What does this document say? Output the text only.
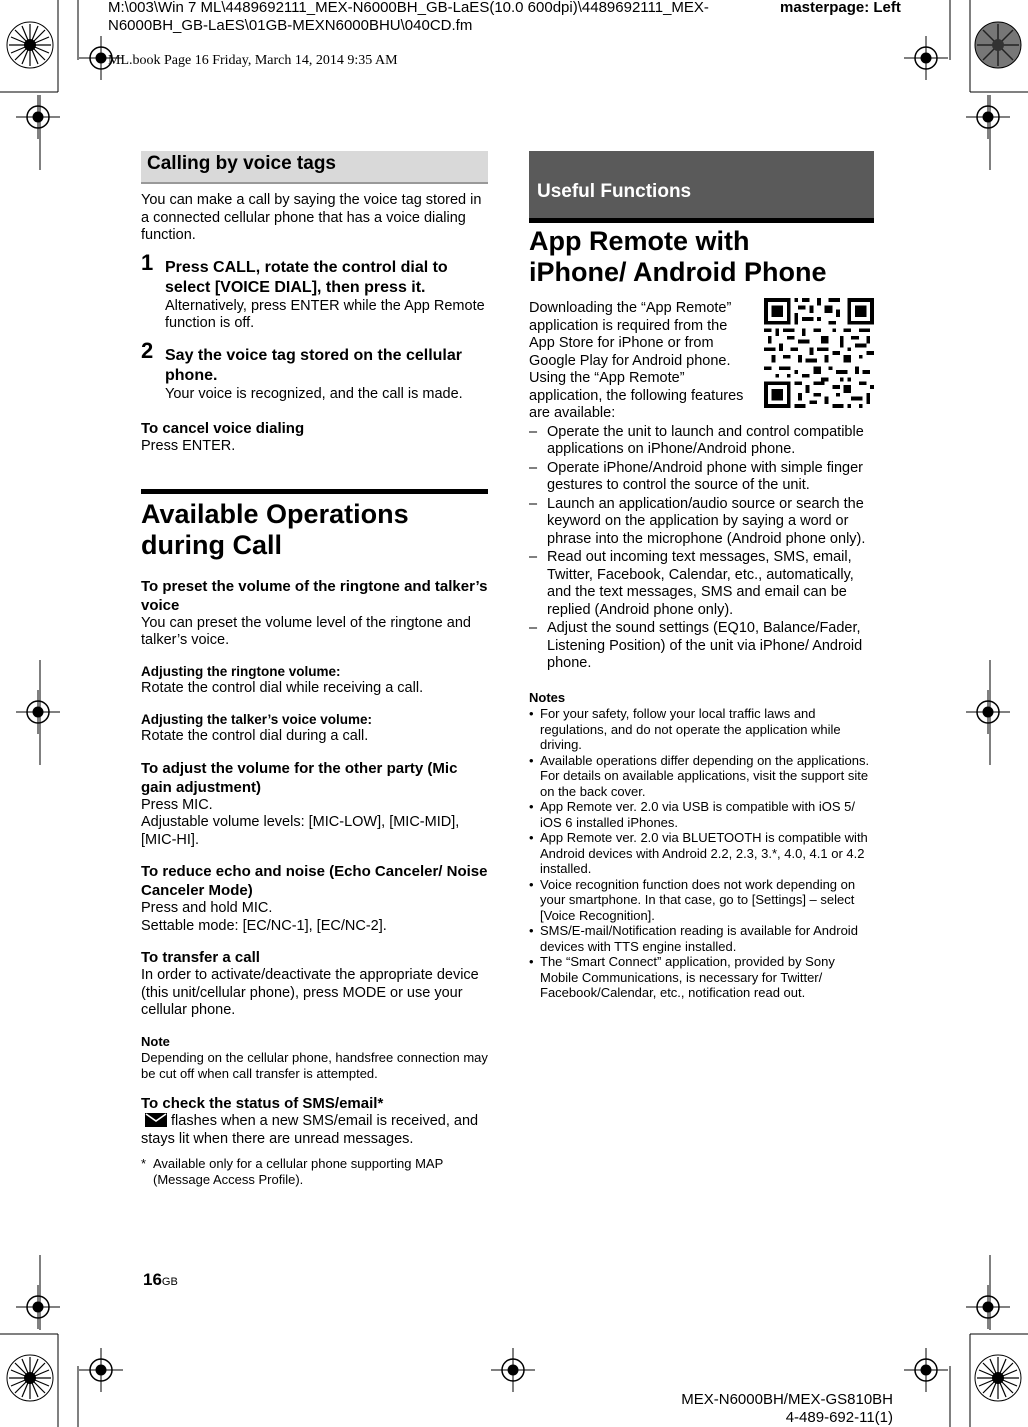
M:\003\Win 7 ML\4489692111_MEX-N6000BH_GB-LaES(10.0 600dpi)\4489692111_MEX-
N6000BH_GB-LaES\01GB-MEXN6000BHU\040CD.fm
masterpage: Left
ML.book Page 16 Friday, March 14, 2014 9:35 AM
Calling by voice tags
You can make a call by saying the voice tag stored in a connected cellular phone that has a voice dialing function.
1 Press CALL, rotate the control dial to select [VOICE DIAL], then press it.
Alternatively, press ENTER while the App Remote function is off.
2 Say the voice tag stored on the cellular phone.
Your voice is recognized, and the call is made.
To cancel voice dialing
Press ENTER.
Available Operations during Call
To preset the volume of the ringtone and talker’s voice
You can preset the volume level of the ringtone and talker’s voice.
Adjusting the ringtone volume:
Rotate the control dial while receiving a call.
Adjusting the talker’s voice volume:
Rotate the control dial during a call.
To adjust the volume for the other party (Mic gain adjustment)
Press MIC.
Adjustable volume levels: [MIC-LOW], [MIC-MID], [MIC-HI].
To reduce echo and noise (Echo Canceler/ Noise Canceler Mode)
Press and hold MIC.
Settable mode: [EC/NC-1], [EC/NC-2].
To transfer a call
In order to activate/deactivate the appropriate device (this unit/cellular phone), press MODE or use your cellular phone.
Note
Depending on the cellular phone, handsfree connection may be cut off when call transfer is attempted.
To check the status of SMS/email*
flashes when a new SMS/email is received, and stays lit when there are unread messages.
* Available only for a cellular phone supporting MAP (Message Access Profile).
Useful Functions
App Remote with iPhone/ Android Phone
Downloading the “App Remote” application is required from the App Store for iPhone or from Google Play for Android phone. Using the “App Remote” application, the following features are available:
– Operate the unit to launch and control compatible applications on iPhone/Android phone.
– Operate iPhone/Android phone with simple finger gestures to control the source of the unit.
– Launch an application/audio source or search the keyword on the application by saying a word or phrase into the microphone (Android phone only).
– Read out incoming text messages, SMS, email, Twitter, Facebook, Calendar, etc., automatically, and the text messages, SMS and email can be replied (Android phone only).
– Adjust the sound settings (EQ10, Balance/Fader, Listening Position) of the unit via iPhone/ Android phone.
Notes
• For your safety, follow your local traffic laws and regulations, and do not operate the application while driving.
• Available operations differ depending on the applications. For details on available applications, visit the support site on the back cover.
• App Remote ver. 2.0 via USB is compatible with iOS 5/ iOS 6 installed iPhones.
• App Remote ver. 2.0 via BLUETOOTH is compatible with Android devices with Android 2.2, 2.3, 3.*, 4.0, 4.1 or 4.2 installed.
• Voice recognition function does not work depending on your smartphone. In that case, go to [Settings] – select [Voice Recognition].
• SMS/E-mail/Notification reading is available for Android devices with TTS engine installed.
• The “Smart Connect” application, provided by Sony Mobile Communications, is necessary for Twitter/ Facebook/Calendar, etc., notification read out.
16GB
MEX-N6000BH/MEX-GS810BH
4-489-692-11(1)
